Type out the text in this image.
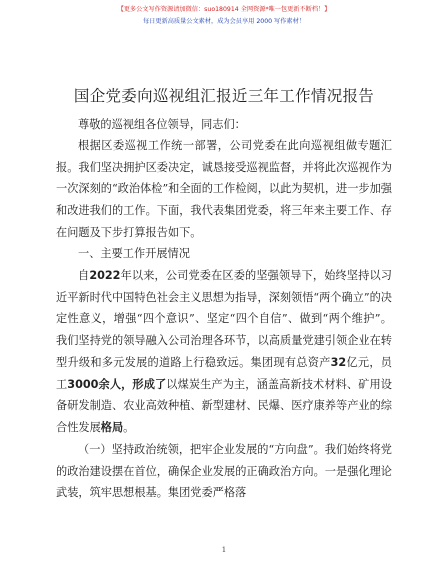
【更多公文写作资源请加微信：suo180914 全网资源*唯一包更新不断档！】
每日更新高质量公文素材，成为会员享用 2000 写作素材！
国企党委向巡视组汇报近三年工作情况报告

尊敬的巡视组各位领导，同志们：

根据区委巡视工作统一部署，公司党委在此向巡视组做专题汇报。我们坚决拥护区委决定，诚恳接受巡视监督，并将此次巡视作为一次深刻的“政治体检”和全面的工作检阅，以此为契机，进一步加强和改进我们的工作。下面，我代表集团党委，将三年来主要工作、存在问题及下步打算报告如下。

一、主要工作开展情况

自2022年以来，公司党委在区委的坚强领导下，始终坚持以习近平新时代中国特色社会主义思想为指导，深刻领悟“两个确立”的决定性意义，增强“四个意识”、坚定“四个自信”、做到“两个维护”。我们坚持党的领导融入公司治理各环节，以高质量党建引领企业在转型升级和多元发展的道路上行稳致远。集团现有总资产32亿元，员工3000余人，形成了以煤炭生产为主，涵盖高新技术材料、矿用设备研发制造、农业高效种植、新型建材、民爆、医疗康养等产业的综合性发展格局。

（一）坚持政治统领，把牢企业发展的“方向盘”。我们始终将党的政治建设摆在首位，确保企业发展的正确政治方向。一是强化理论武装，筑牢思想根基。集团党委严格落

1
